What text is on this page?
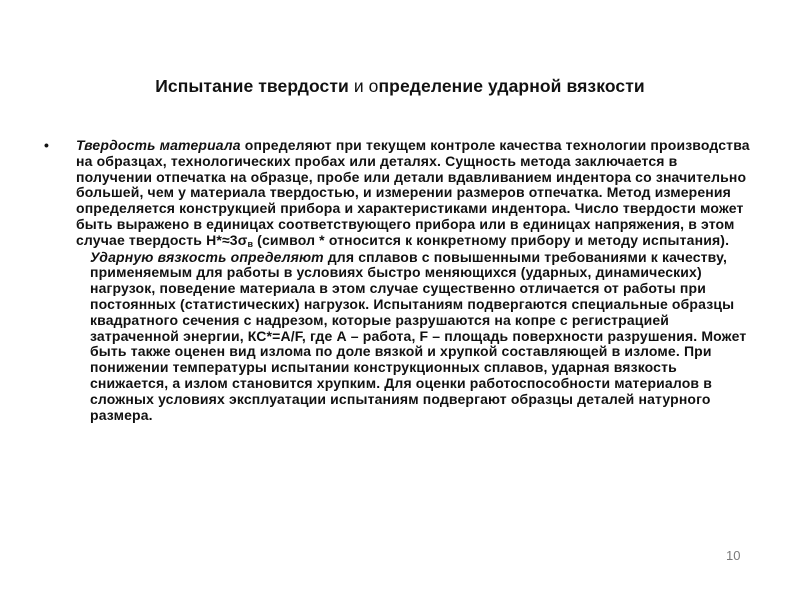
Испытание твердости и определение ударной вязкости

• Твердость материала определяют при текущем контроле качества технологии производства на образцах, технологических пробах или деталях. Сущность метода заключается в получении отпечатка на образце, пробе или детали вдавливанием индентора со значительно большей, чем у материала твердостью, и измерении размеров отпечатка. Метод измерения определяется конструкцией прибора и характеристиками индентора. Число твердости может быть выражено в единицах соответствующего прибора или в единицах напряжения, в этом случае твердость $Н*\approx 3\sigma_в$ (символ * относится к конкретному прибору и методу испытания).

Ударную вязкость определяют для сплавов с повышенными требованиями к качеству, применяемым для работы в условиях быстро меняющихся (ударных, динамических) нагрузок, поведение материала в этом случае существенно отличается от работы при постоянных (статистических) нагрузок. Испытаниям подвергаются специальные образцы квадратного сечения с надрезом, которые разрушаются на копре с регистрацией затраченной энергии, КС*=А/F, где А – работа, F – площадь поверхности разрушения. Может быть также оценен вид излома по доле вязкой и хрупкой составляющей в изломе. При понижении температуры испытании конструкционных сплавов, ударная вязкость снижается, а излом становится хрупким. Для оценки работоспособности материалов в сложных условиях эксплуатации испытаниям подвергают образцы деталей натурного размера.

10
